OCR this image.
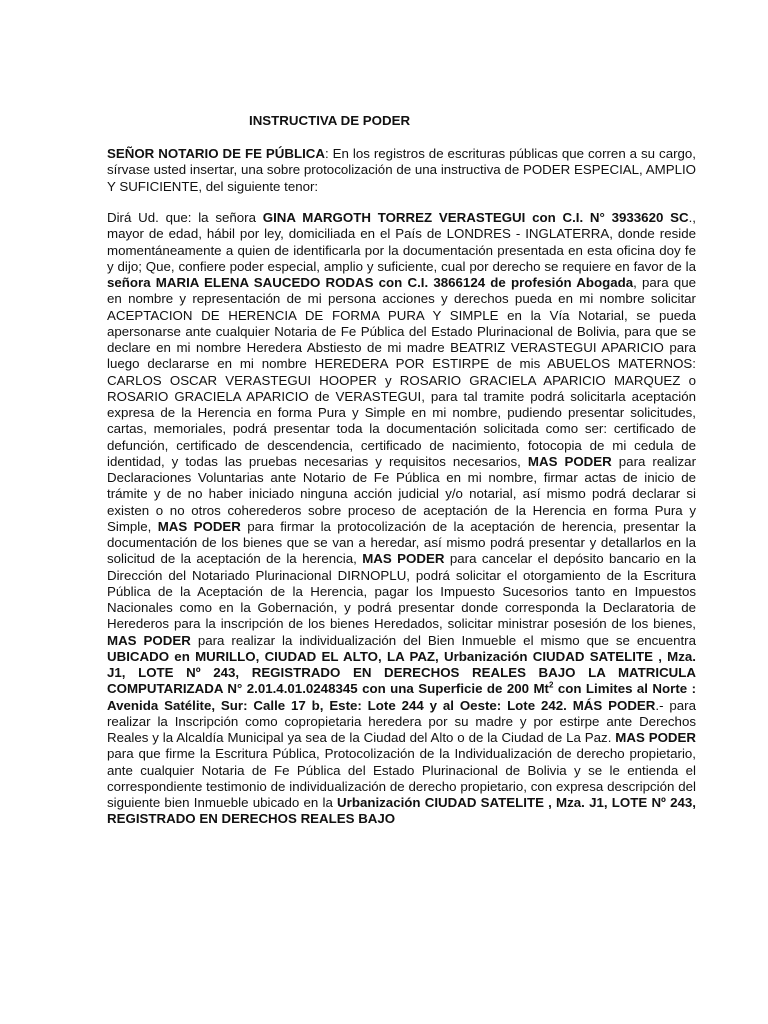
INSTRUCTIVA DE PODER

SEÑOR NOTARIO DE FE PÚBLICA: En los registros de escrituras públicas que corren a su cargo, sírvase usted insertar, una sobre protocolización de una instructiva de PODER ESPECIAL, AMPLIO Y SUFICIENTE, del siguiente tenor:

Dirá Ud. que: la señora GINA MARGOTH TORREZ VERASTEGUI con C.I. N° 3933620 SC., mayor de edad, hábil por ley, domiciliada en el País de LONDRES - INGLATERRA, donde reside momentáneamente a quien de identificarla por la documentación presentada en esta oficina doy fe y dijo; Que, confiere poder especial, amplio y suficiente, cual por derecho se requiere en favor de la señora MARIA ELENA SAUCEDO RODAS con C.I. 3866124 de profesión Abogada, para que en nombre y representación de mi persona acciones y derechos pueda en mi nombre solicitar ACEPTACION DE HERENCIA DE FORMA PURA Y SIMPLE en la Vía Notarial, se pueda apersonarse ante cualquier Notaria de Fe Pública del Estado Plurinacional de Bolivia, para que se declare en mi nombre Heredera Abstiesto de mi madre BEATRIZ VERASTEGUI APARICIO para luego declararse en mi nombre HEREDERA POR ESTIRPE de mis ABUELOS MATERNOS: CARLOS OSCAR VERASTEGUI HOOPER y ROSARIO GRACIELA APARICIO MARQUEZ o ROSARIO GRACIELA APARICIO de VERASTEGUI, para tal tramite podrá solicitarla aceptación expresa de la Herencia en forma Pura y Simple en mi nombre, pudiendo presentar solicitudes, cartas, memoriales, podrá presentar toda la documentación solicitada como ser: certificado de defunción, certificado de descendencia, certificado de nacimiento, fotocopia de mi cedula de identidad, y todas las pruebas necesarias y requisitos necesarios, MAS PODER para realizar Declaraciones Voluntarias ante Notario de Fe Pública en mi nombre, firmar actas de inicio de trámite y de no haber iniciado ninguna acción judicial y/o notarial, así mismo podrá declarar si existen o no otros coherederos sobre proceso de aceptación de la Herencia en forma Pura y Simple, MAS PODER para firmar la protocolización de la aceptación de herencia, presentar la documentación de los bienes que se van a heredar, así mismo podrá presentar y detallarlos en la solicitud de la aceptación de la herencia, MAS PODER para cancelar el depósito bancario en la Dirección del Notariado Plurinacional DIRNOPLU, podrá solicitar el otorgamiento de la Escritura Pública de la Aceptación de la Herencia, pagar los Impuesto Sucesorios tanto en Impuestos Nacionales como en la Gobernación, y podrá presentar donde corresponda la Declaratoria de Herederos para la inscripción de los bienes Heredados, solicitar ministrar posesión de los bienes, MAS PODER para realizar la individualización del Bien Inmueble el mismo que se encuentra UBICADO en MURILLO, CIUDAD EL ALTO, LA PAZ, Urbanización CIUDAD SATELITE , Mza. J1, LOTE Nº 243, REGISTRADO EN DERECHOS REALES BAJO LA MATRICULA COMPUTARIZADA N° 2.01.4.01.0248345 con una Superficie de 200 Mt$^2$ con Limites al Norte : Avenida Satélite, Sur: Calle 17 b, Este: Lote 244 y al Oeste: Lote 242. MÁS PODER.- para realizar la Inscripción como copropietaria heredera por su madre y por estirpe ante Derechos Reales y la Alcaldía Municipal ya sea de la Ciudad del Alto o de la Ciudad de La Paz. MAS PODER para que firme la Escritura Pública, Protocolización de la Individualización de derecho propietario, ante cualquier Notaria de Fe Pública del Estado Plurinacional de Bolivia y se le entienda el correspondiente testimonio de individualización de derecho propietario, con expresa descripción del siguiente bien Inmueble ubicado en la Urbanización CIUDAD SATELITE , Mza. J1, LOTE Nº 243, REGISTRADO EN DERECHOS REALES BAJO
